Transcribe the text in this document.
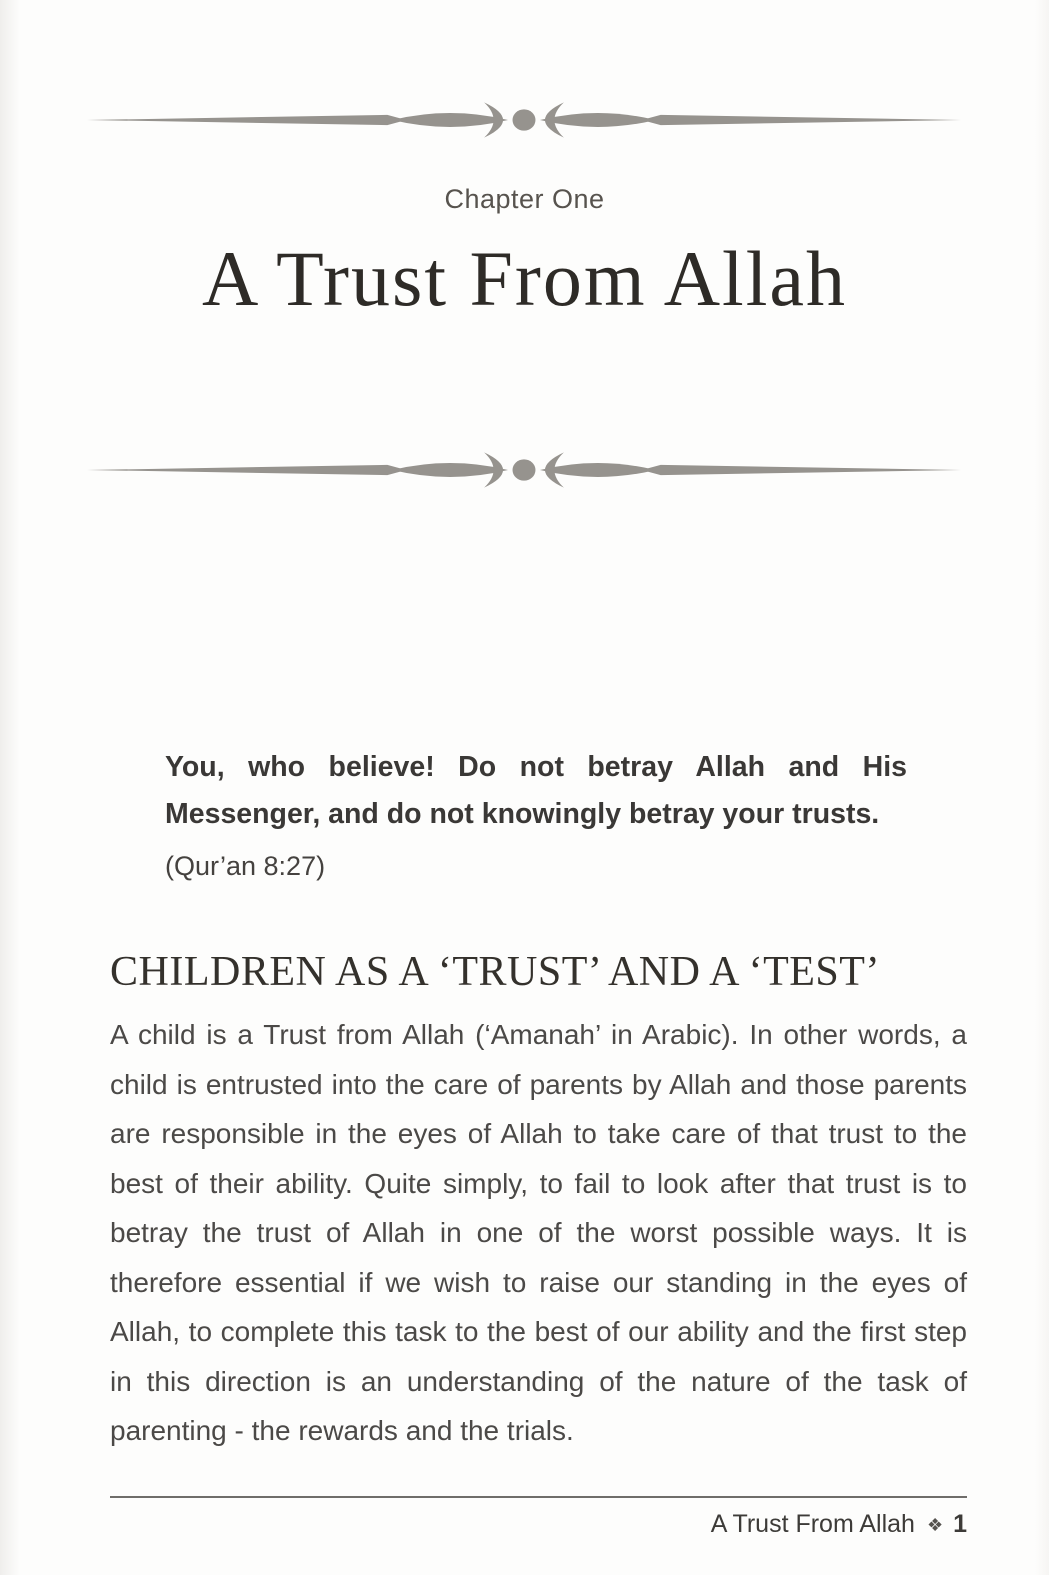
Chapter One
A Trust From Allah

You, who believe! Do not betray Allah and His Messenger, and do not knowingly betray your trusts.

(Qur’an 8:27)

CHILDREN AS A ‘TRUST’ AND A ‘TEST’

A child is a Trust from Allah (‘Amanah’ in Arabic). In other words, a child is entrusted into the care of parents by Allah and those parents are responsible in the eyes of Allah to take care of that trust to the best of their ability. Quite simply, to fail to look after that trust is to betray the trust of Allah in one of the worst possible ways. It is therefore essential if we wish to raise our standing in the eyes of Allah, to complete this task to the best of our ability and the first step in this direction is an understanding of the nature of the task of parenting - the rewards and the trials.

A Trust From Allah ❖ 1
